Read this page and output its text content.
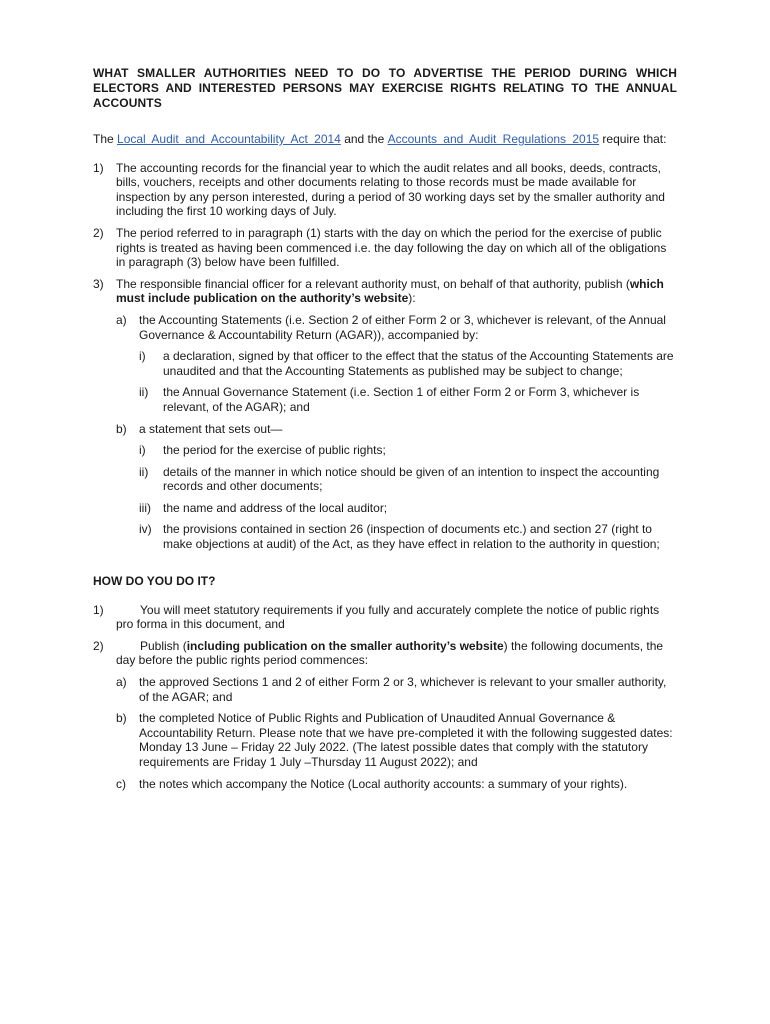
WHAT SMALLER AUTHORITIES NEED TO DO TO ADVERTISE THE PERIOD DURING WHICH ELECTORS AND INTERESTED PERSONS MAY EXERCISE RIGHTS RELATING TO THE ANNUAL ACCOUNTS

The Local Audit and Accountability Act 2014 and the Accounts and Audit Regulations 2015 require that:

1) The accounting records for the financial year to which the audit relates and all books, deeds, contracts, bills, vouchers, receipts and other documents relating to those records must be made available for inspection by any person interested, during a period of 30 working days set by the smaller authority and including the first 10 working days of July.

2) The period referred to in paragraph (1) starts with the day on which the period for the exercise of public rights is treated as having been commenced i.e. the day following the day on which all of the obligations in paragraph (3) below have been fulfilled.

3) The responsible financial officer for a relevant authority must, on behalf of that authority, publish (which must include publication on the authority’s website):

a) the Accounting Statements (i.e. Section 2 of either Form 2 or 3, whichever is relevant, of the Annual Governance & Accountability Return (AGAR)), accompanied by:

i) a declaration, signed by that officer to the effect that the status of the Accounting Statements are unaudited and that the Accounting Statements as published may be subject to change;

ii) the Annual Governance Statement (i.e. Section 1 of either Form 2 or Form 3, whichever is relevant, of the AGAR); and

b) a statement that sets out—

i) the period for the exercise of public rights;

ii) details of the manner in which notice should be given of an intention to inspect the accounting records and other documents;

iii) the name and address of the local auditor;

iv) the provisions contained in section 26 (inspection of documents etc.) and section 27 (right to make objections at audit) of the Act, as they have effect in relation to the authority in question;

HOW DO YOU DO IT?
1)	You will meet statutory requirements if you fully and accurately complete the notice of public rights pro forma in this document, and

2)	Publish (including publication on the smaller authority’s website) the following documents, the day before the public rights period commences:

a) the approved Sections 1 and 2 of either Form 2 or 3, whichever is relevant to your smaller authority, of the AGAR; and

b) the completed Notice of Public Rights and Publication of Unaudited Annual Governance & Accountability Return. Please note that we have pre-completed it with the following suggested dates: Monday 13 June – Friday 22 July 2022. (The latest possible dates that comply with the statutory requirements are Friday 1 July –Thursday 11 August 2022); and

c) the notes which accompany the Notice (Local authority accounts: a summary of your rights).
